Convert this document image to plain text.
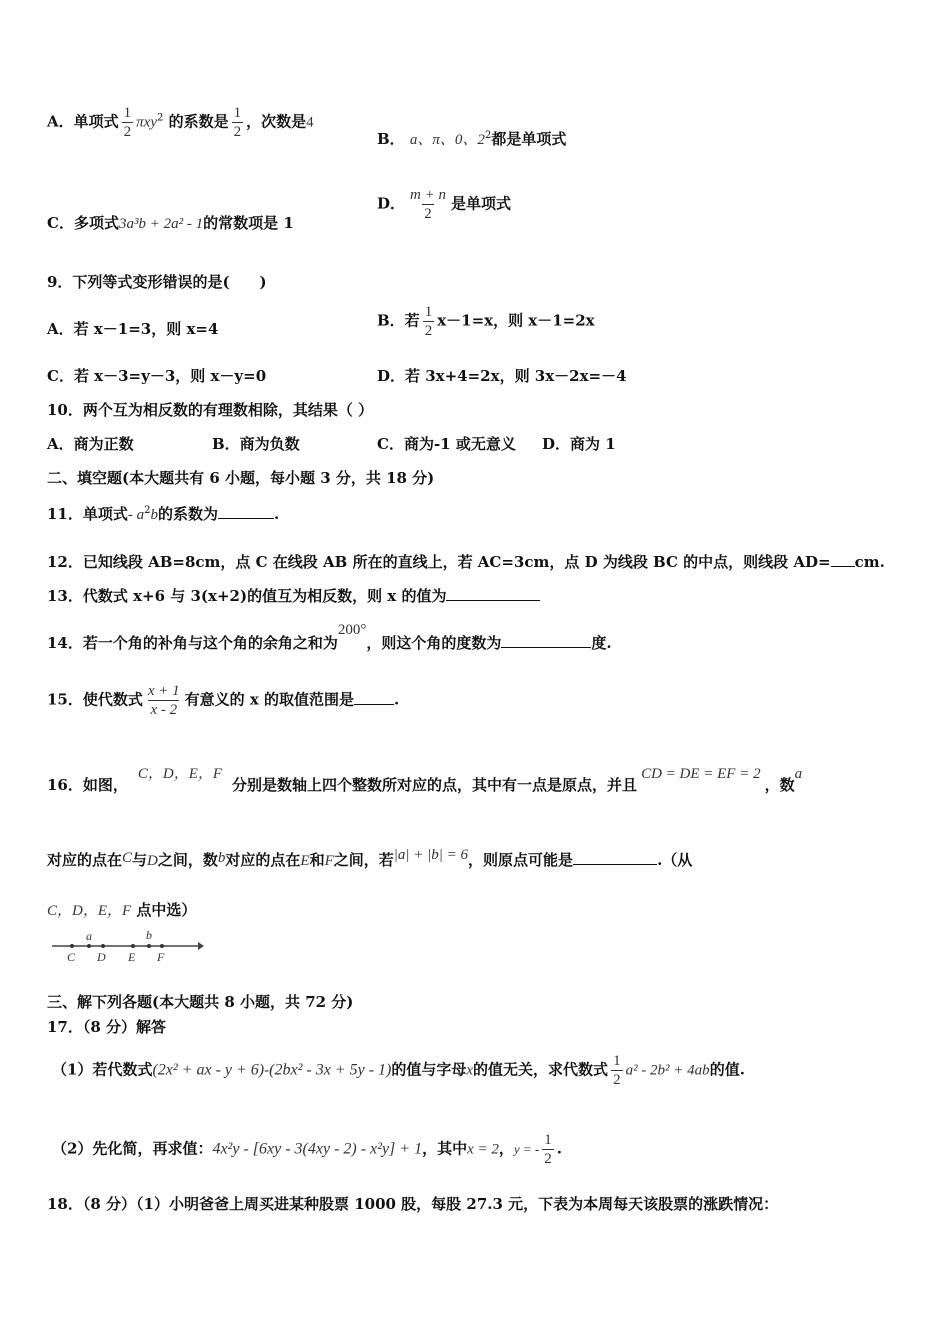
A．单项式 $\frac{1}{2} \pi xy^2$ 的系数是 $\frac{1}{2}$ ，次数是4
B． a、π、0、$2^2$都是单项式
C．多项式3a³b + 2a² - 1的常数项是 1
D． $\frac{m + n}{2}$ 是单项式
9．下列等式变形错误的是(　　)
A．若 x－1=3，则 x=4	B．若 $\frac{1}{2} x-1=x$，则 x－1=2x
C．若 x－3=y－3，则 x－y=0	D．若 3x+4=2x，则 3x－2x=－4
10．两个互为相反数的有理数相除，其结果（ ）
A．商为正数	B．商为负数	C．商为-1 或无意义 D．商为 1
二、填空题(本大题共有 6 小题，每小题 3 分，共 18 分)
11．单项式- $a^2b$的系数为	.
12．已知线段 AB=8cm，点 C 在线段 AB 所在的直线上，若 AC=3cm，点 D 为线段 BC 的中点，则线段 AD= cm.
13．代数式 x+6 与 3(x+2)的值互为相反数，则 x 的值为
14．若一个角的补角与这个角的余角之和为200°，则这个角的度数为	度.
15．使代数式 $\frac{x + 1}{x - 2}$ 有意义的 x 的取值范围是	.
16．如图，C，D，E，F分别是数轴上四个整数所对应的点，其中有一点是原点，并且CD = DE = EF = 2，数a
对应的点在C与D之间，数b对应的点在E和F之间，若|a| + |b| = 6，则原点可能是	.（从
C，D，E，F 点中选）
a	b
C D E F
三、解下列各题(本大题共 8 小题，共 72 分)
17．（8 分）解答
（1）若代数式(2x² + ax - y + 6)-(2bx² - 3x + 5y - 1)的值与字母x的值无关，求代数式 $\frac{1}{2} a^2 - 2b^2 + 4ab$的值.
（2）先化简，再求值：4x²y - [6xy - 3(4xy - 2) - x²y] + 1，其中x = 2，y = - $\frac{1}{2}$ .
18．（8 分）（1）小明爸爸上周买进某种股票 1000 股，每股 27.3 元，下表为本周每天该股票的涨跌情况：
